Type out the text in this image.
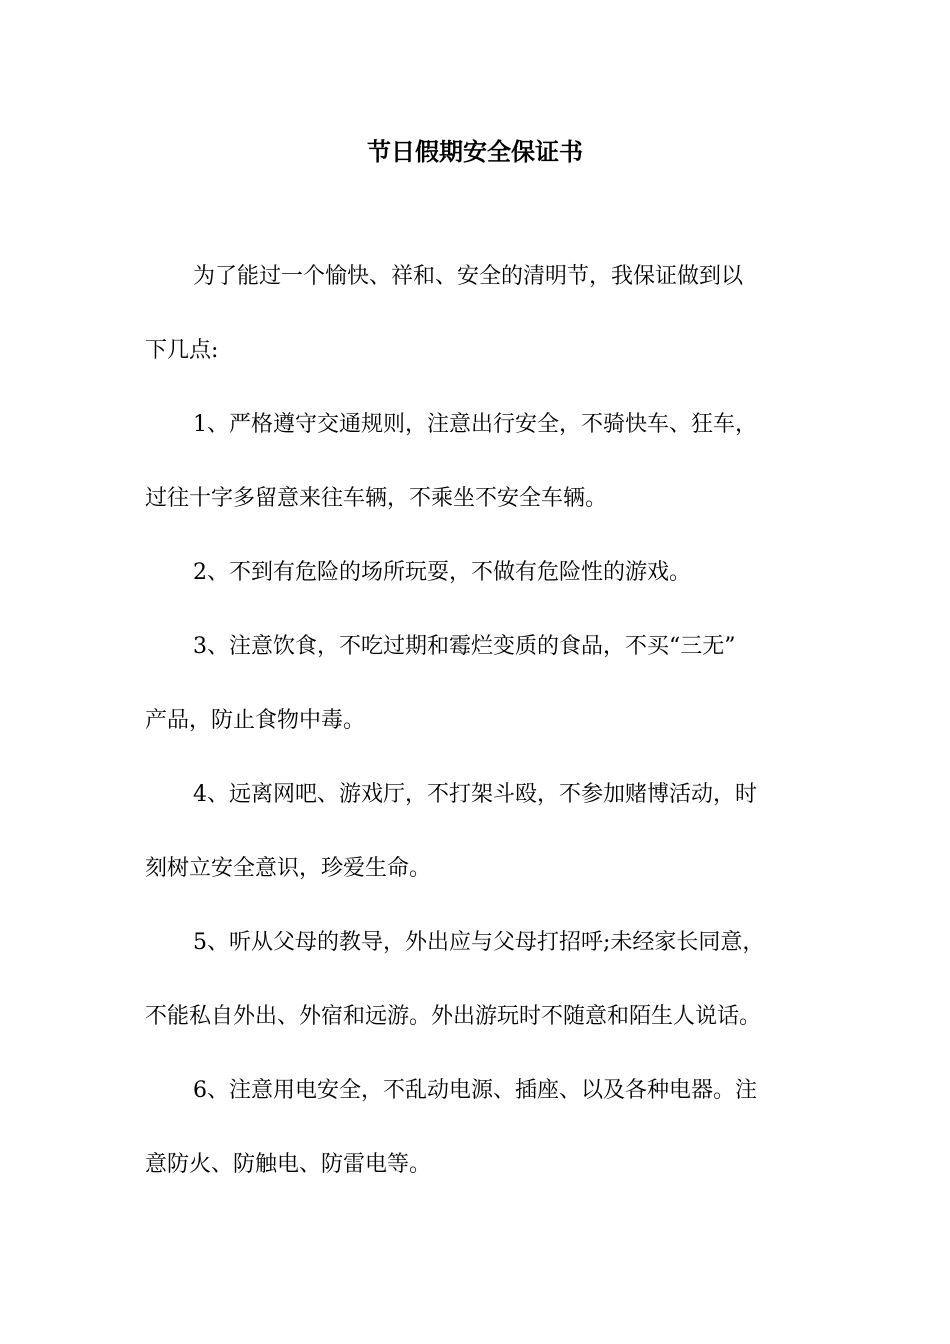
节日假期安全保证书
为了能过一个愉快、祥和、安全的清明节，我保证做到以
下几点:
1、严格遵守交通规则，注意出行安全，不骑快车、狂车，
过往十字多留意来往车辆，不乘坐不安全车辆。
2、不到有危险的场所玩耍，不做有危险性的游戏。
3、注意饮食，不吃过期和霉烂变质的食品，不买“三无”
产品，防止食物中毒。
4、远离网吧、游戏厅，不打架斗殴，不参加赌博活动，时
刻树立安全意识，珍爱生命。
5、听从父母的教导，外出应与父母打招呼;未经家长同意，
不能私自外出、外宿和远游。外出游玩时不随意和陌生人说话。
6、注意用电安全，不乱动电源、插座、以及各种电器。注
意防火、防触电、防雷电等。
